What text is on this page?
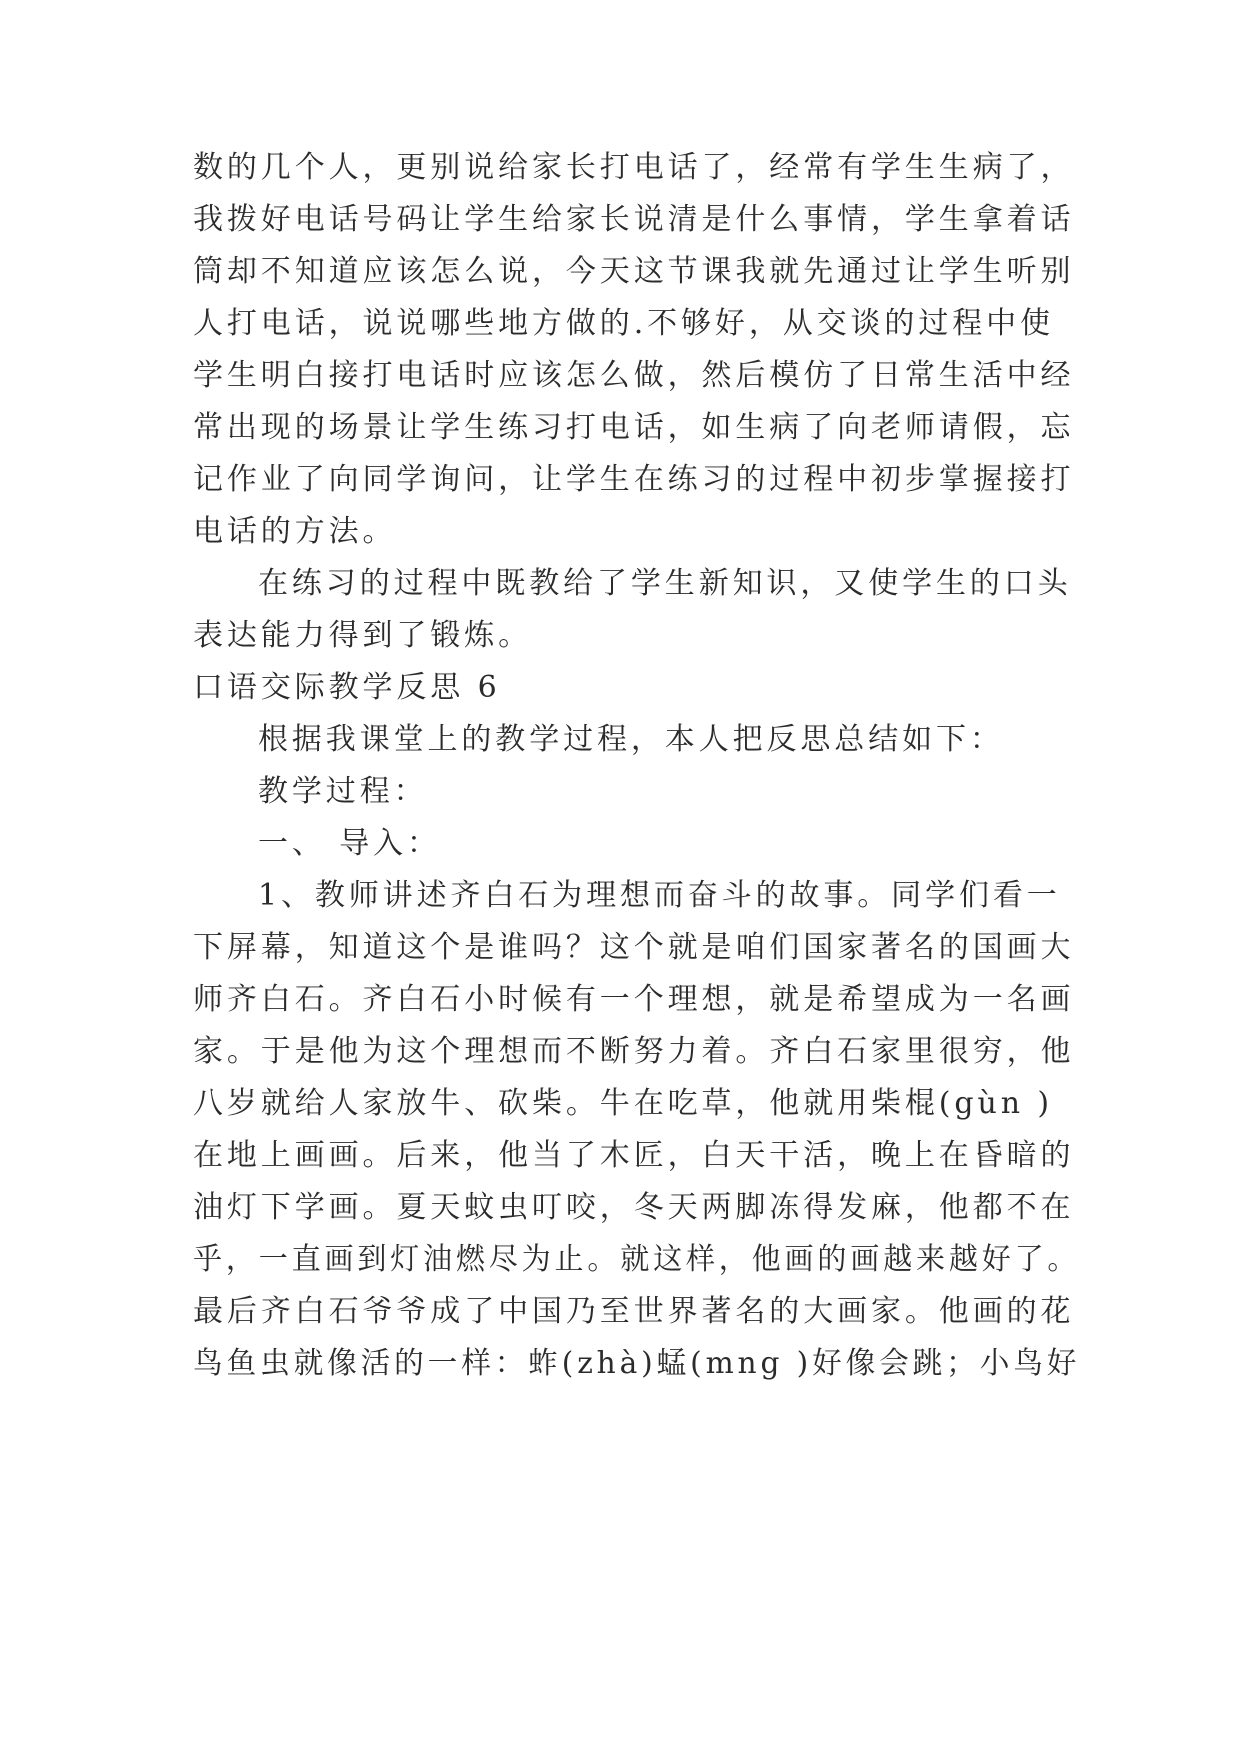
数的几个人，更别说给家长打电话了，经常有学生生病了，
我拨好电话号码让学生给家长说清是什么事情，学生拿着话
筒却不知道应该怎么说，今天这节课我就先通过让学生听别
人打电话，说说哪些地方做的.不够好，从交谈的过程中使
学生明白接打电话时应该怎么做，然后模仿了日常生活中经
常出现的场景让学生练习打电话，如生病了向老师请假，忘
记作业了向同学询问，让学生在练习的过程中初步掌握接打
电话的方法。
在练习的过程中既教给了学生新知识，又使学生的口头
表达能力得到了锻炼。
口语交际教学反思 6
根据我课堂上的教学过程，本人把反思总结如下：
教学过程：
一、 导入：
1、教师讲述齐白石为理想而奋斗的故事。同学们看一
下屏幕，知道这个是谁吗？这个就是咱们国家著名的国画大
师齐白石。齐白石小时候有一个理想，就是希望成为一名画
家。于是他为这个理想而不断努力着。齐白石家里很穷，他
八岁就给人家放牛、砍柴。牛在吃草，他就用柴棍(gùn )
在地上画画。后来，他当了木匠，白天干活，晚上在昏暗的
油灯下学画。夏天蚊虫叮咬，冬天两脚冻得发麻，他都不在
乎，一直画到灯油燃尽为止。就这样，他画的画越来越好了。
最后齐白石爷爷成了中国乃至世界著名的大画家。他画的花
鸟鱼虫就像活的一样：蚱(zhà)蜢(mng )好像会跳；小鸟好
